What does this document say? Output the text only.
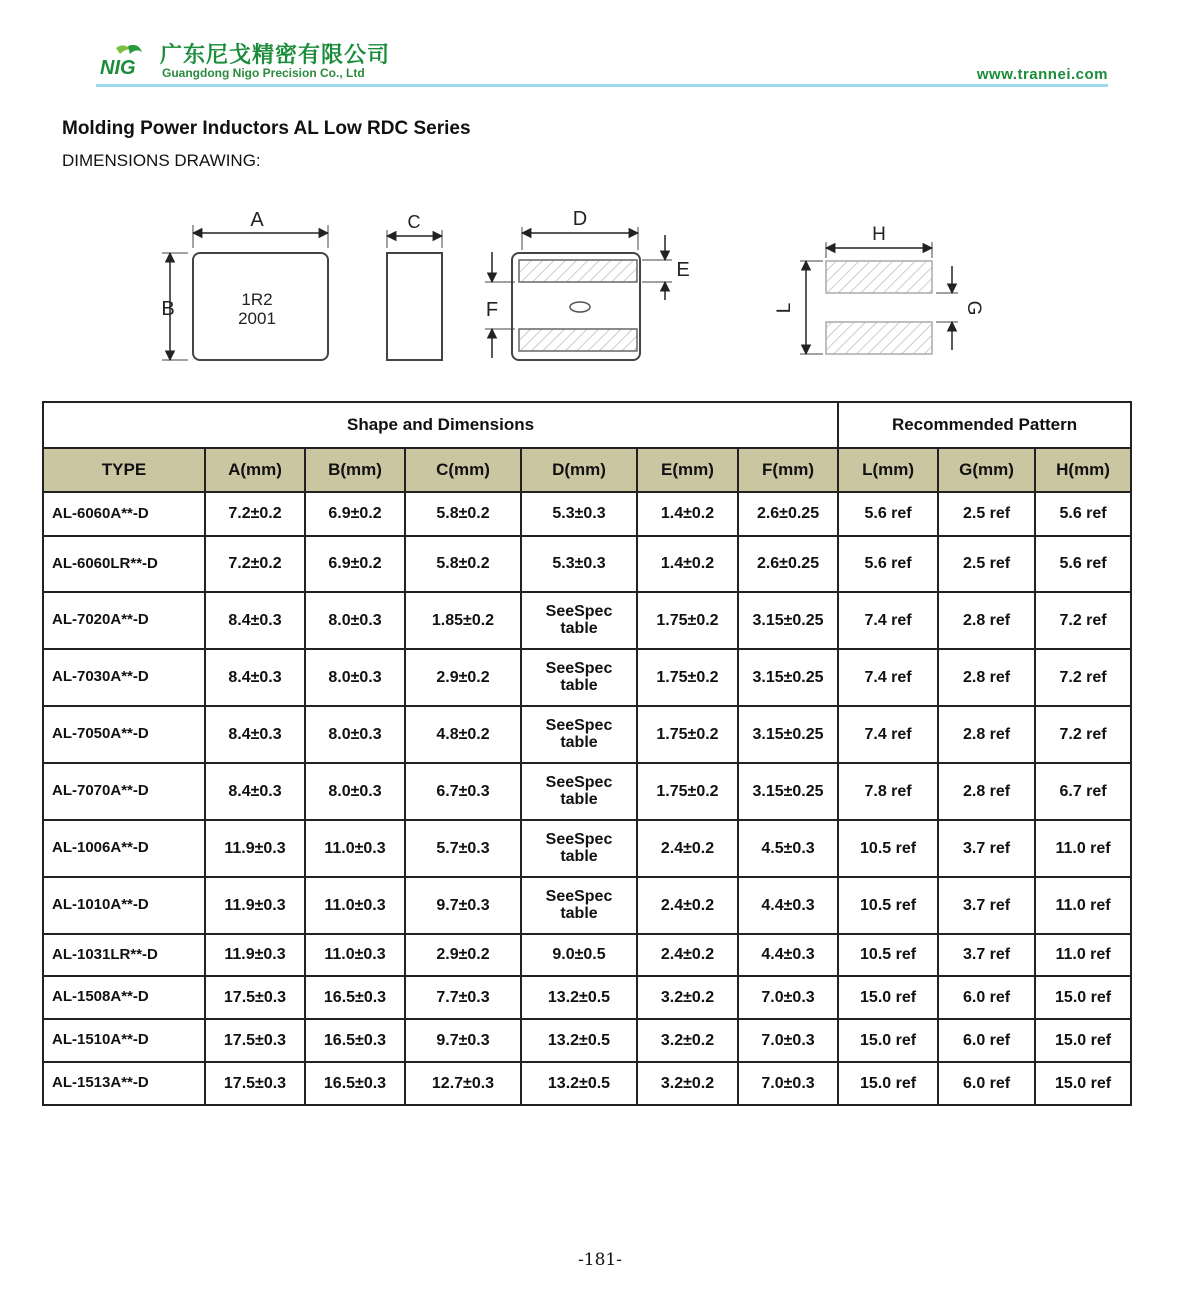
NIG 广东尼戈精密有限公司
Guangdong Nigo Precision Co., Ltd	www.trannei.com
Molding Power Inductors AL Low RDC Series
DIMENSIONS DRAWING:
A
B	1R2
2001
C	D
E
F
H
L	G
Shape and Dimensions							Recommended Pattern		
TYPE	A(mm)	B(mm)	C(mm)	D(mm)	E(mm)	F(mm)	L(mm)	G(mm)	H(mm)
AL-6060A**-D	7.2±0.2	6.9±0.2	5.8±0.2	5.3±0.3	1.4±0.2	2.6±0.25	5.6 ref	2.5 ref	5.6 ref
AL-6060LR**-D	7.2±0.2	6.9±0.2	5.8±0.2	5.3±0.3	1.4±0.2	2.6±0.25	5.6 ref	2.5 ref	5.6 ref
AL-7020A**-D	8.4±0.3	8.0±0.3	1.85±0.2	SeeSpec
table	1.75±0.2	3.15±0.25	7.4 ref	2.8 ref	7.2 ref
AL-7030A**-D	8.4±0.3	8.0±0.3	2.9±0.2	SeeSpec
table	1.75±0.2	3.15±0.25	7.4 ref	2.8 ref	7.2 ref
AL-7050A**-D	8.4±0.3	8.0±0.3	4.8±0.2	SeeSpec
table	1.75±0.2	3.15±0.25	7.4 ref	2.8 ref	7.2 ref
AL-7070A**-D	8.4±0.3	8.0±0.3	6.7±0.3	SeeSpec
table	1.75±0.2	3.15±0.25	7.8 ref	2.8 ref	6.7 ref
AL-1006A**-D	11.9±0.3	11.0±0.3	5.7±0.3	SeeSpec
table	2.4±0.2	4.5±0.3	10.5 ref	3.7 ref	11.0 ref
AL-1010A**-D	11.9±0.3	11.0±0.3	9.7±0.3	SeeSpec
table	2.4±0.2	4.4±0.3	10.5 ref	3.7 ref	11.0 ref
AL-1031LR**-D	11.9±0.3	11.0±0.3	2.9±0.2	9.0±0.5	2.4±0.2	4.4±0.3	10.5 ref	3.7 ref	11.0 ref
AL-1508A**-D	17.5±0.3	16.5±0.3	7.7±0.3	13.2±0.5	3.2±0.2	7.0±0.3	15.0 ref	6.0 ref	15.0 ref
AL-1510A**-D	17.5±0.3	16.5±0.3	9.7±0.3	13.2±0.5	3.2±0.2	7.0±0.3	15.0 ref	6.0 ref	15.0 ref
AL-1513A**-D	17.5±0.3	16.5±0.3	12.7±0.3	13.2±0.5	3.2±0.2	7.0±0.3	15.0 ref	6.0 ref	15.0 ref
-181-
